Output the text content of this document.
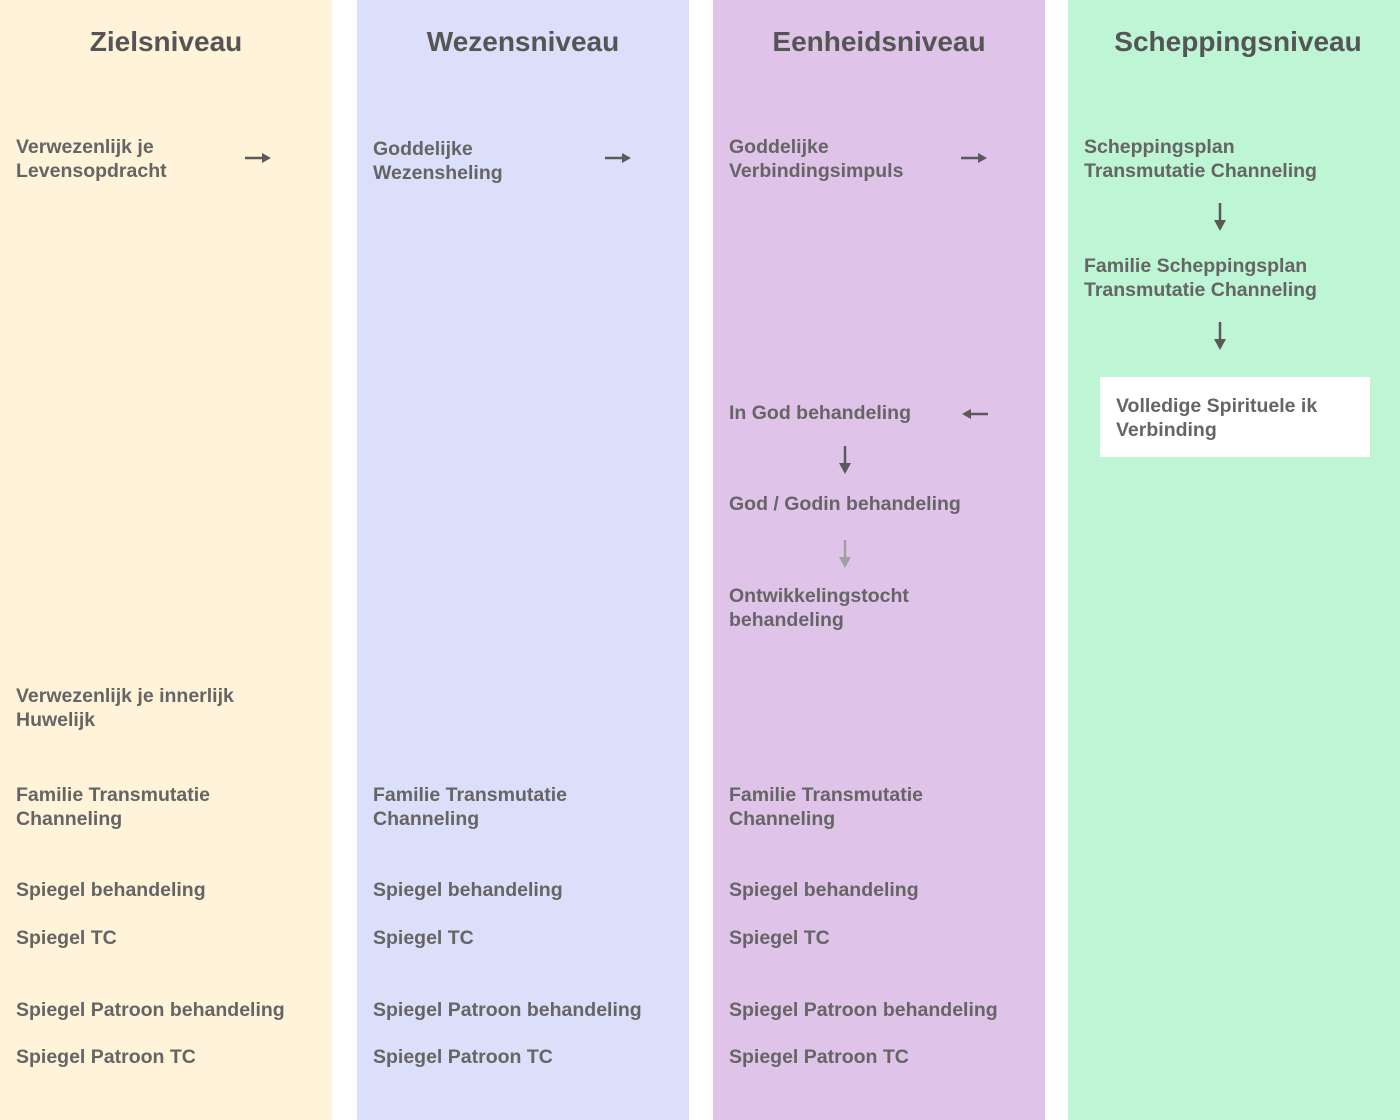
Zielsniveau
Verwezenlijk je
Levensopdracht
Verwezenlijk je innerlijk
Huwelijk
Familie Transmutatie
Channeling
Spiegel behandeling
Spiegel TC
Spiegel Patroon behandeling
Spiegel Patroon TC
Wezensniveau
Goddelijke
Wezensheling
Familie Transmutatie
Channeling
Spiegel behandeling
Spiegel TC
Spiegel Patroon behandeling
Spiegel Patroon TC
Eenheidsniveau
Goddelijke
Verbindingsimpuls
In God behandeling
God / Godin behandeling
Ontwikkelingstocht
behandeling
Familie Transmutatie
Channeling
Spiegel behandeling
Spiegel TC
Spiegel Patroon behandeling
Spiegel Patroon TC
Scheppingsniveau
Scheppingsplan
Transmutatie Channeling
Familie Scheppingsplan
Transmutatie Channeling
Volledige Spirituele ik
Verbinding
